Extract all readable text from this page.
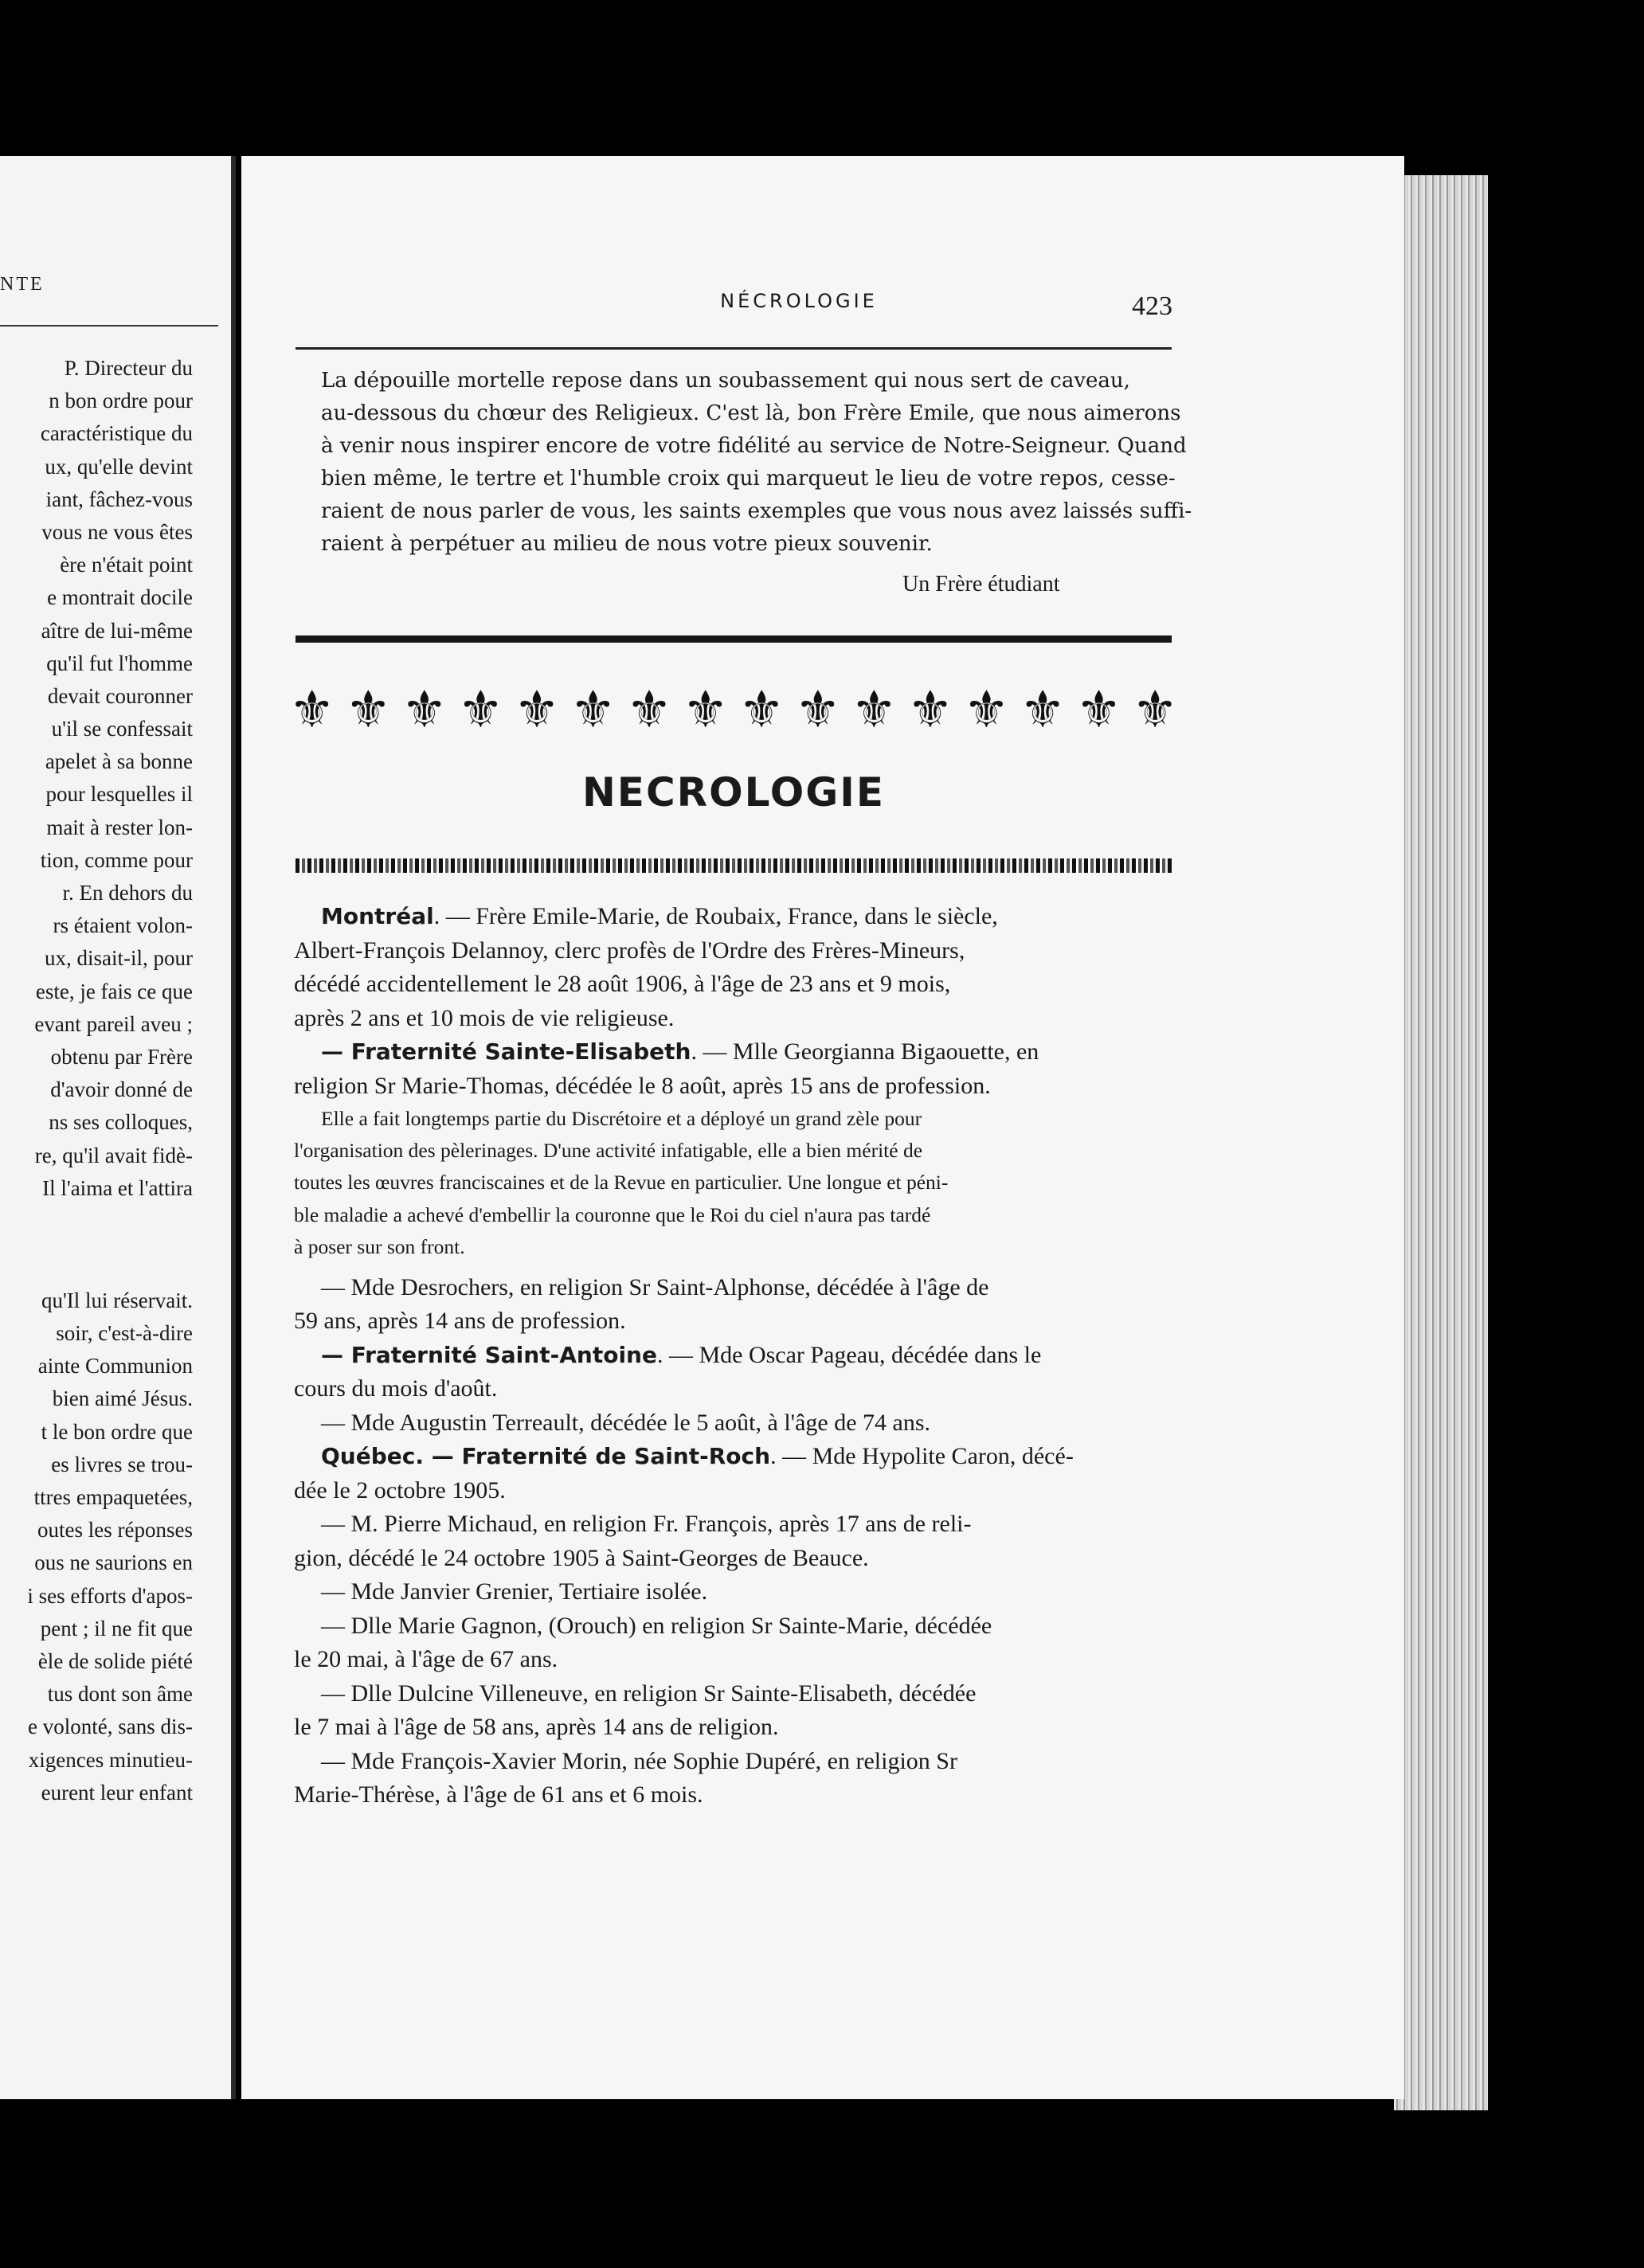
NTE
P. Directeur du
n bon ordre pour
caractéristique du
ux, qu'elle devint
iant, fâchez-vous
vous ne vous êtes
ère n'était point
e montrait docile
aître de lui-même
qu'il fut l'homme
devait couronner
u'il se confessait
apelet à sa bonne
pour lesquelles il
mait à rester lon-
tion, comme pour
r. En dehors du
rs étaient volon-
ux, disait-il, pour
este, je fais ce que
evant pareil aveu ;
obtenu par Frère
d'avoir donné de
ns ses colloques,
re, qu'il avait fidè-
Il l'aima et l'attira
qu'Il lui réservait.
soir, c'est-à-dire
ainte Communion
bien aimé Jésus.
t le bon ordre que
es livres se trou-
ttres empaquetées,
outes les réponses
ous ne saurions en
i ses efforts d'apos-
pent ; il ne fit que
èle de solide piété
tus dont son âme
e volonté, sans dis-
xigences minutieu-
eurent leur enfant
NÉCROLOGIE	423
La dépouille mortelle repose dans un soubassement qui nous sert de caveau,
au-dessous du chœur des Religieux. C'est là, bon Frère Emile, que nous aimerons
à venir nous inspirer encore de votre fidélité au service de Notre-Seigneur. Quand
bien même, le tertre et l'humble croix qui marqueut le lieu de votre repos, cesse-
raient de nous parler de vous, les saints exemples que vous nous avez laissés suffi-
raient à perpétuer au milieu de nous votre pieux souvenir.
Un Frère étudiant
⚜ ⚜ ⚜ ⚜ ⚜ ⚜ ⚜ ⚜ ⚜ ⚜ ⚜ ⚜ ⚜ ⚜ ⚜ ⚜
NECROLOGIE
Montréal. — Frère Emile-Marie, de Roubaix, France, dans le siècle,
Albert-François Delannoy, clerc profès de l'Ordre des Frères-Mineurs,
décédé accidentellement le 28 août 1906, à l'âge de 23 ans et 9 mois,
après 2 ans et 10 mois de vie religieuse.
— Fraternité Sainte-Elisabeth. — Mlle Georgianna Bigaouette, en
religion Sr Marie-Thomas, décédée le 8 août, après 15 ans de profession.
Elle a fait longtemps partie du Discrétoire et a déployé un grand zèle pour
l'organisation des pèlerinages. D'une activité infatigable, elle a bien mérité de
toutes les œuvres franciscaines et de la Revue en particulier. Une longue et péni-
ble maladie a achevé d'embellir la couronne que le Roi du ciel n'aura pas tardé
à poser sur son front.
— Mde Desrochers, en religion Sr Saint-Alphonse, décédée à l'âge de
59 ans, après 14 ans de profession.
— Fraternité Saint-Antoine. — Mde Oscar Pageau, décédée dans le
cours du mois d'août.
— Mde Augustin Terreault, décédée le 5 août, à l'âge de 74 ans.
Québec. — Fraternité de Saint-Roch. — Mde Hypolite Caron, décé-
dée le 2 octobre 1905.
— M. Pierre Michaud, en religion Fr. François, après 17 ans de reli-
gion, décédé le 24 octobre 1905 à Saint-Georges de Beauce.
— Mde Janvier Grenier, Tertiaire isolée.
— Dlle Marie Gagnon, (Orouch) en religion Sr Sainte-Marie, décédée
le 20 mai, à l'âge de 67 ans.
— Dlle Dulcine Villeneuve, en religion Sr Sainte-Elisabeth, décédée
le 7 mai à l'âge de 58 ans, après 14 ans de religion.
— Mde François-Xavier Morin, née Sophie Dupéré, en religion Sr
Marie-Thérèse, à l'âge de 61 ans et 6 mois.
